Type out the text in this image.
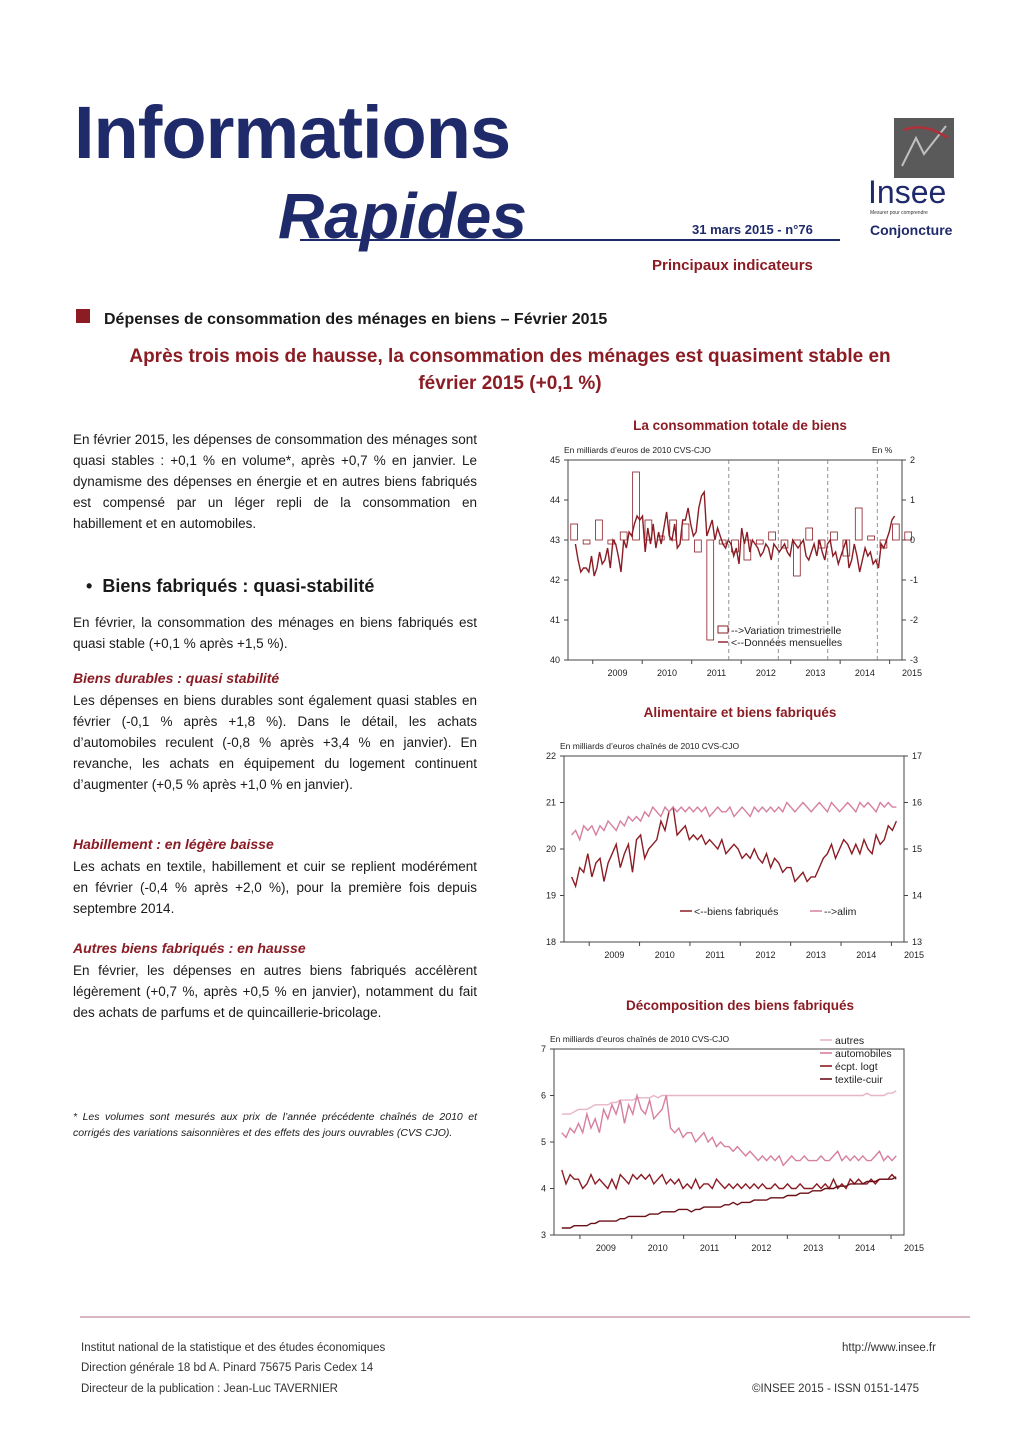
Informations
Rapides	31 mars 2015 - n°76
Insee
Mesurer pour comprendre
Conjoncture
Principaux indicateurs
Dépenses de consommation des ménages en biens – Février 2015
Après trois mois de hausse, la consommation des ménages est quasiment stable en
février 2015 (+0,1 %)

En février 2015, les dépenses de consommation des ménages sont quasi stables : +0,1 % en volume*, après +0,7 % en janvier. Le dynamisme des dépenses en énergie et en autres biens fabriqués est compensé par un léger repli de la consommation en habillement et en automobiles.

• Biens fabriqués : quasi-stabilité

En février, la consommation des ménages en biens fabriqués est quasi stable (+0,1 % après +1,5 %).

Biens durables : quasi stabilité

Les dépenses en biens durables sont également quasi stables en février (-0,1 % après +1,8 %). Dans le détail, les achats d’automobiles reculent (-0,8 % après +3,4 % en janvier). En revanche, les achats en équipement du logement continuent d’augmenter (+0,5 % après +1,0 % en janvier).

Habillement : en légère baisse

Les achats en textile, habillement et cuir se replient modérément en février (-0,4 % après +2,0 %), pour la première fois depuis septembre 2014.

Autres biens fabriqués : en hausse

En février, les dépenses en autres biens fabriqués accélèrent légèrement (+0,7 %, après +0,5 % en janvier), notamment du fait des achats de parfums et de quincaillerie-bricolage.

* Les volumes sont mesurés aux prix de l’année précédente chaînés de 2010 et corrigés des variations saisonnières et des effets des jours ouvrables (CVS CJO).

La consommation totale de biens
Alimentaire et biens fabriqués
Décomposition des biens fabriqués
En milliards d’euros de 2010 CVS-CJO	En %
45
44
43
42
41
40
2
1
0
-1
-2
-3
2009	2010	2011	2012	2013	2014	2015
-->Variation trimestrielle
<--Données mensuelles
En milliards d’euros chaînés de 2010 CVS-CJO
22
21
20
19
18
17
16
15
14
13
2009	2010	2011	2012	2013	2014	2015
<--biens fabriqués	-->alim
En milliards d’euros chaînés de 2010 CVS-CJO
7
6
5
4
3
2009	2010	2011	2012	2013	2014	2015
autres
automobiles
écpt. logt
textile-cuir

Institut national de la statistique et des études économiques

Direction générale 18 bd A. Pinard 75675 Paris Cedex 14

Directeur de la publication : Jean-Luc TAVERNIER

http://www.insee.fr

©INSEE 2015 - ISSN 0151-1475
